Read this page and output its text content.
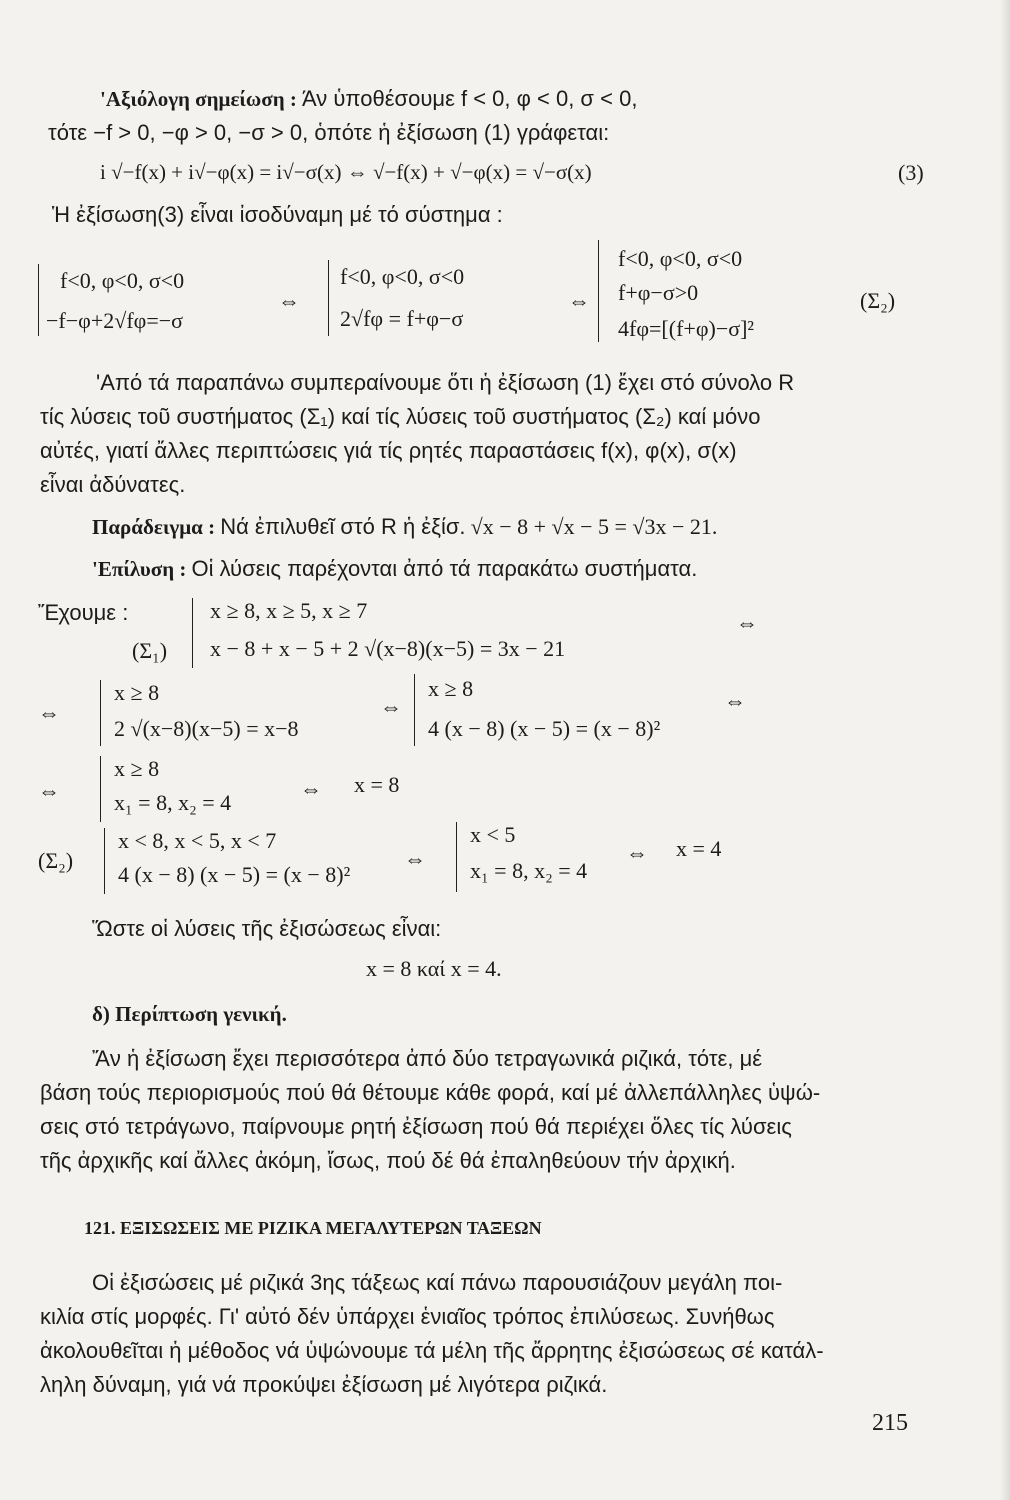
'Αξιόλογη σημείωση : Άν ὑποθέσουμε f < 0, φ < 0, σ < 0,
τότε −f > 0, −φ > 0, −σ > 0, ὁπότε ἡ ἐξίσωση (1) γράφεται:
i √−f(x) + i√−φ(x) = i√−σ(x) ⇔ √−f(x) + √−φ(x) = √−σ(x)	(3)
Ἡ ἐξίσωση(3) εἶναι ἰσοδύναμη μέ τό σύστημα :
f<0, φ<0, σ<0
−f−φ+2√fφ=−σ
⇔
f<0, φ<0, σ<0
2√fφ = f+φ−σ
⇔
f<0, φ<0, σ<0
f+φ−σ>0
4fφ=[(f+φ)−σ]²
(Σ₂)
'Από τά παραπάνω συμπεραίνουμε ὅτι ἡ ἐξίσωση (1) ἔχει στό σύνολο R
τίς λύσεις τοῦ συστήματος (Σ₁) καί τίς λύσεις τοῦ συστήματος (Σ₂) καί μόνο
αὐτές, γιατί ἄλλες περιπτώσεις γιά τίς ρητές παραστάσεις f(x), φ(x), σ(x)
εἶναι ἀδύνατες.
Παράδειγμα : Νά ἐπιλυθεῖ στό R ἡ ἐξίσ. √x − 8 + √x − 5 = √3x − 21.
'Επίλυση : Οἱ λύσεις παρέχονται ἀπό τά παρακάτω συστήματα.
Ἔχουμε :	x ≥ 8, x ≥ 5, x ≥ 7	⇔
(Σ₁) x − 8 + x − 5 + 2 √(x−8)(x−5) = 3x − 21
⇔
x ≥ 8
2 √(x−8)(x−5) = x−8
⇔
x ≥ 8
4 (x − 8) (x − 5) = (x − 8)²
⇔
⇔
x ≥ 8
x₁ = 8, x₂ = 4
⇔ x = 8
(Σ₂)
x < 8, x < 5, x < 7
4 (x − 8) (x − 5) = (x − 8)²
⇔
x < 5
x₁ = 8, x₂ = 4
⇔ x = 4
Ὥστε οἱ λύσεις τῆς ἐξισώσεως εἶναι:
x = 8 καί x = 4.
δ) Περίπτωση γενική.
Ἄν ἡ ἐξίσωση ἔχει περισσότερα ἀπό δύο τετραγωνικά ριζικά, τότε, μέ
βάση τούς περιορισμούς πού θά θέτουμε κάθε φορά, καί μέ ἀλλεπάλληλες ὑψώ-
σεις στό τετράγωνο, παίρνουμε ρητή ἐξίσωση πού θά περιέχει ὅλες τίς λύσεις
τῆς ἀρχικῆς καί ἄλλες ἀκόμη, ἴσως, πού δέ θά ἐπαληθεύουν τήν ἀρχική.
121. ΕΞΙΣΩΣΕΙΣ ΜΕ ΡΙΖΙΚΑ ΜΕΓΑΛΥΤΕΡΩΝ ΤΑΞΕΩΝ
Οἱ ἐξισώσεις μέ ριζικά 3ης τάξεως καί πάνω παρουσιάζουν μεγάλη ποι-
κιλία στίς μορφές. Γι' αὐτό δέν ὑπάρχει ἑνιαῖος τρόπος ἐπιλύσεως. Συνήθως
ἀκολουθεῖται ἡ μέθοδος νά ὑψώνουμε τά μέλη τῆς ἄρρητης ἐξισώσεως σέ κατάλ-
ληλη δύναμη, γιά νά προκύψει ἐξίσωση μέ λιγότερα ριζικά.
215
